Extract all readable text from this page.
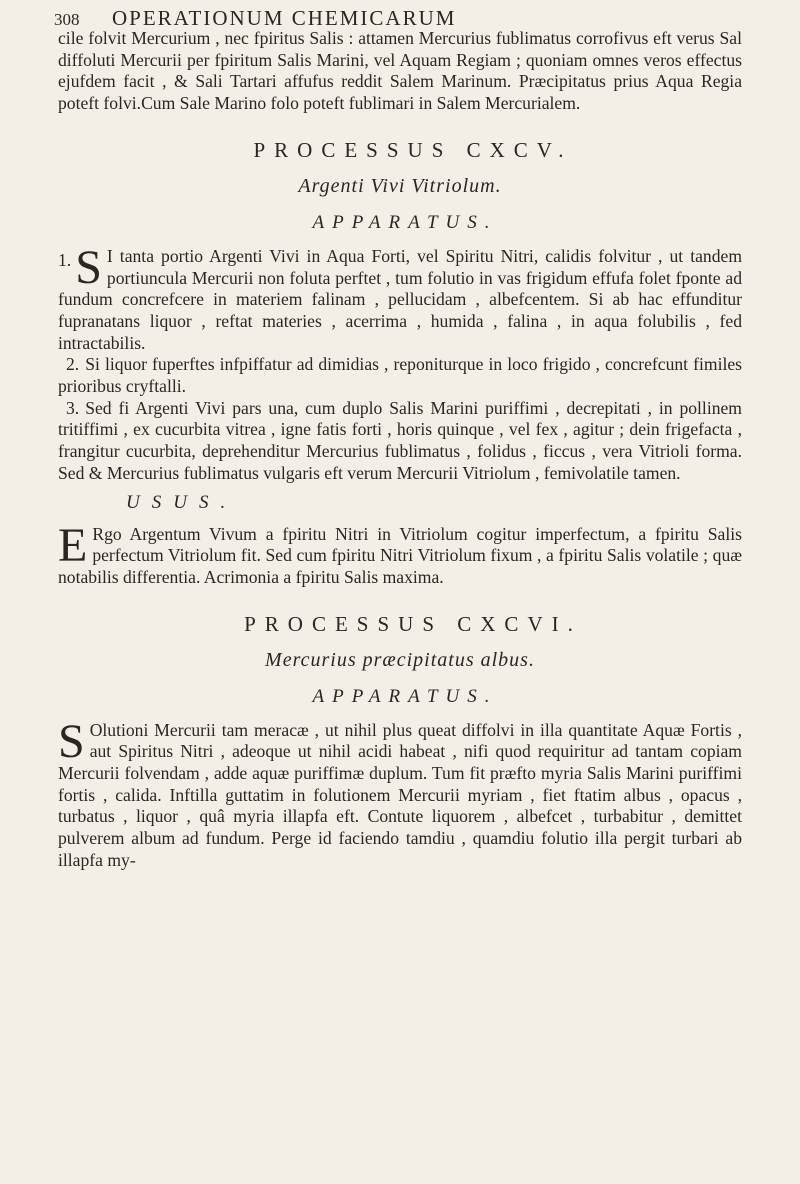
308	OPERATIONUM CHEMICARUM

cile folvit Mercurium , nec fpiritus Salis : attamen Mercurius fublimatus corrofivus eft verus Sal diffoluti Mercurii per fpiritum Salis Marini, vel Aquam Regiam ; quoniam omnes veros effectus ejufdem facit , & Sali Tartari affufus reddit Salem Marinum. Præcipitatus prius Aqua Regia poteft folvi.Cum Sale Marino folo poteft fublimari in Salem Mercurialem.

PROCESSUS CXCV.
Argenti Vivi Vitriolum.
APPARATUS.

1. S I tanta portio Argenti Vivi in Aqua Forti, vel Spiritu Nitri, calidis folvitur , ut tandem portiuncula Mercurii non foluta perftet , tum folutio in vas frigidum effufa folet fponte ad fundum concrefcere in materiem falinam , pellucidam , albefcentem. Si ab hac effunditur fupranatans liquor , reftat materies , acerrima , humida , falina , in aqua folubilis , fed intractabilis.

2. Si liquor fuperftes infpiffatur ad dimidias , reponiturque in loco frigido , concrefcunt fimiles prioribus cryftalli.

3. Sed fi Argenti Vivi pars una, cum duplo Salis Marini puriffimi , decrepitati , in pollinem tritiffimi , ex cucurbita vitrea , igne fatis forti , horis quinque , vel fex , agitur ; dein frigefacta , frangitur cucurbita, deprehenditur Mercurius fublimatus , folidus , ficcus , vera Vitrioli forma. Sed & Mercurius fublimatus vulgaris eft verum Mercurii Vitriolum , femivolatile tamen.

USUS.

E Rgo Argentum Vivum a fpiritu Nitri in Vitriolum cogitur imperfectum, a fpiritu Salis perfectum Vitriolum fit. Sed cum fpiritu Nitri Vitriolum fixum , a fpiritu Salis volatile ; quæ notabilis differentia. Acrimonia a fpiritu Salis maxima.

PROCESSUS CXCVI.
Mercurius præcipitatus albus.
APPARATUS.

S Olutioni Mercurii tam meracæ , ut nihil plus queat diffolvi in illa quantitate Aquæ Fortis , aut Spiritus Nitri , adeoque ut nihil acidi habeat , nifi quod requiritur ad tantam copiam Mercurii folvendam , adde aquæ puriffimæ duplum. Tum fit præfto myria Salis Marini puriffimi fortis , calida. Inftilla guttatim in folutionem Mercurii myriam , fiet ftatim albus , opacus , turbatus , liquor , quâ myria illapfa eft. Contute liquorem , albefcet , turbabitur , demittet pulverem album ad fundum. Perge id faciendo tamdiu , quamdiu folutio illa pergit turbari ab illapfa my-
